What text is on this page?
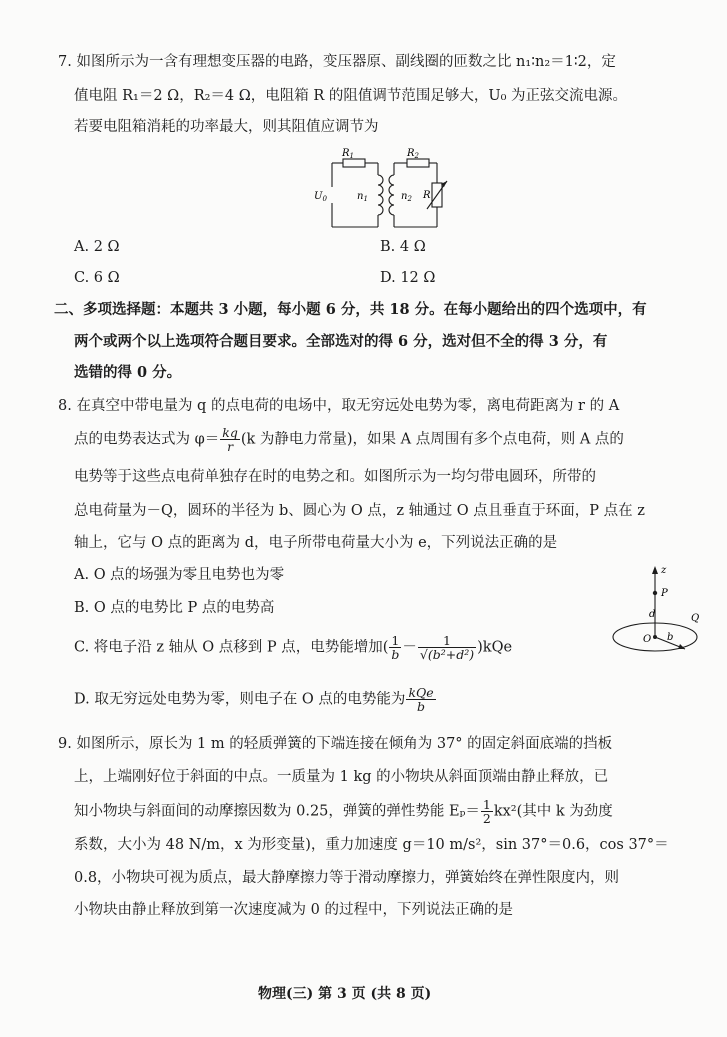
7. 如图所示为一含有理想变压器的电路，变压器原、副线圈的匝数之比 n₁∶n₂＝1∶2，定
值电阻 R₁＝2 Ω，R₂＝4 Ω，电阻箱 R 的阻值调节范围足够大，U₀ 为正弦交流电源。
若要电阻箱消耗的功率最大，则其阻值应调节为
$R_1$	$R_2$
$U_0$	$n_1$	$n_2$ R
A. 2 Ω	B. 4 Ω
C. 6 Ω	D. 12 Ω
二、多项选择题：本题共 3 小题，每小题 6 分，共 18 分。在每小题给出的四个选项中，有
两个或两个以上选项符合题目要求。全部选对的得 6 分，选对但不全的得 3 分，有
选错的得 0 分。
8. 在真空中带电量为 q 的点电荷的电场中，取无穷远处电势为零，离电荷距离为 r 的 A
点的电势表达式为 $\varphi= \frac{kq}{r} (k$ 为静电力常量)，如果 A 点周围有多个点电荷，则 A 点的
电势等于这些点电荷单独存在时的电势之和。如图所示为一均匀带电圆环，所带的
总电荷量为－Q，圆环的半径为 b、圆心为 O 点，z 轴通过 O 点且垂直于环面，P 点在 z
轴上，它与 O 点的距离为 d，电子所带电荷量大小为 e，下列说法正确的是
A. O 点的场强为零且电势也为零
B. O 点的电势比 P 点的电势高
C. 将电子沿 z 轴从 O 点移到 P 点，电势能增加( $\frac{1}{b} - \frac{1}{\text{√(b²+d²)}} )kQe$
D. 取无穷远处电势为零，则电子在 O 点的电势能为 $\frac{\text{kQe}}{b}$
z
P
d	Q
O b
9. 如图所示，原长为 1 m 的轻质弹簧的下端连接在倾角为 37° 的固定斜面底端的挡板
上，上端刚好位于斜面的中点。一质量为 1 kg 的小物块从斜面顶端由静止释放，已
知小物块与斜面间的动摩擦因数为 0.25，弹簧的弹性势能 $E_p= \frac{1}{2} kx^2$(其中 k 为劲度
系数，大小为 48 N/m，x 为形变量)，重力加速度 g＝10 m/s²，sin 37°＝0.6，cos 37°＝
0.8，小物块可视为质点，最大静摩擦力等于滑动摩擦力，弹簧始终在弹性限度内，则
小物块由静止释放到第一次速度减为 0 的过程中，下列说法正确的是
物理(三) 第 3 页 (共 8 页)
